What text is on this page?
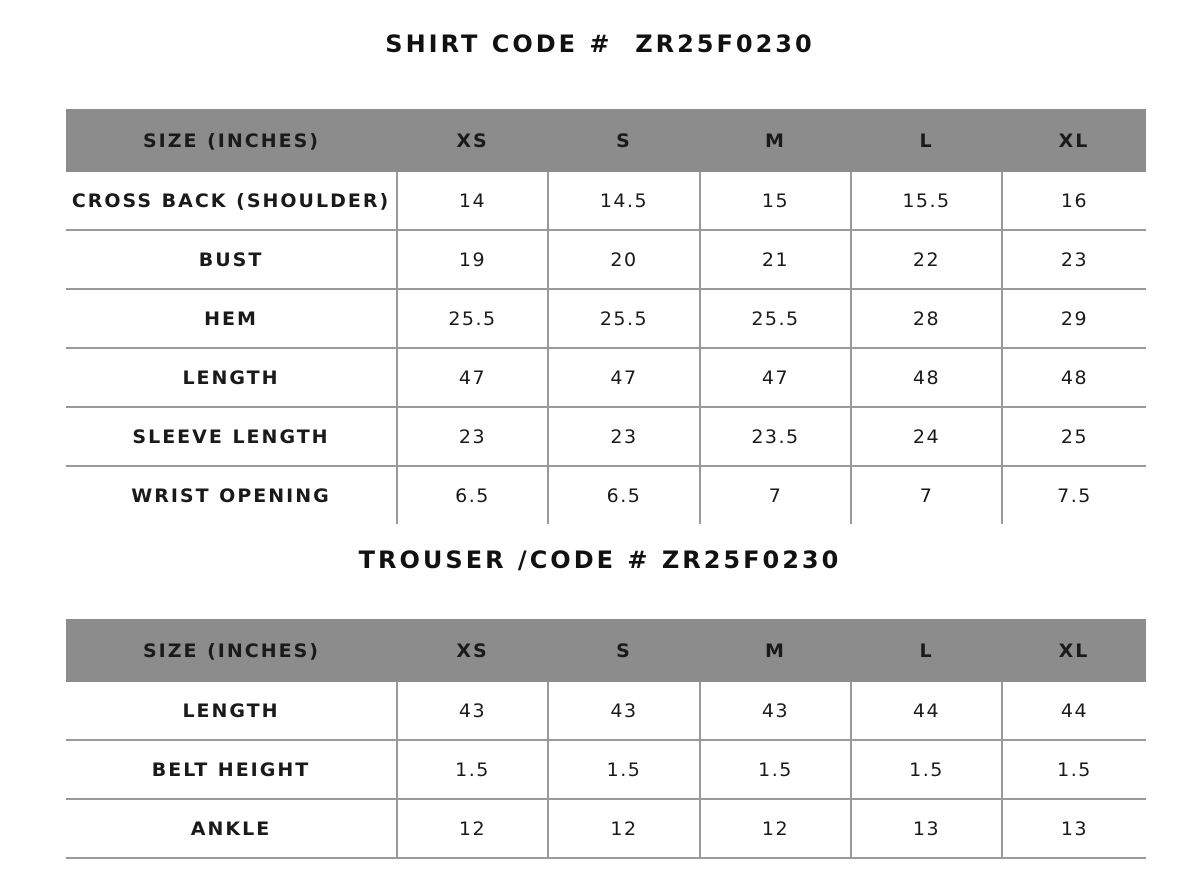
SHIRT CODE #  ZR25F0230
SIZE (INCHES)	XS	S	M	L	XL
CROSS BACK (SHOULDER)	14	14.5	15	15.5	16
BUST	19	20	21	22	23
HEM	25.5	25.5	25.5	28	29
LENGTH	47	47	47	48	48
SLEEVE LENGTH	23	23	23.5	24	25
WRIST OPENING	6.5	6.5	7	7	7.5
TROUSER /CODE # ZR25F0230
SIZE (INCHES)	XS	S	M	L	XL
LENGTH	43	43	43	44	44
BELT HEIGHT	1.5	1.5	1.5	1.5	1.5
ANKLE	12	12	12	13	13
